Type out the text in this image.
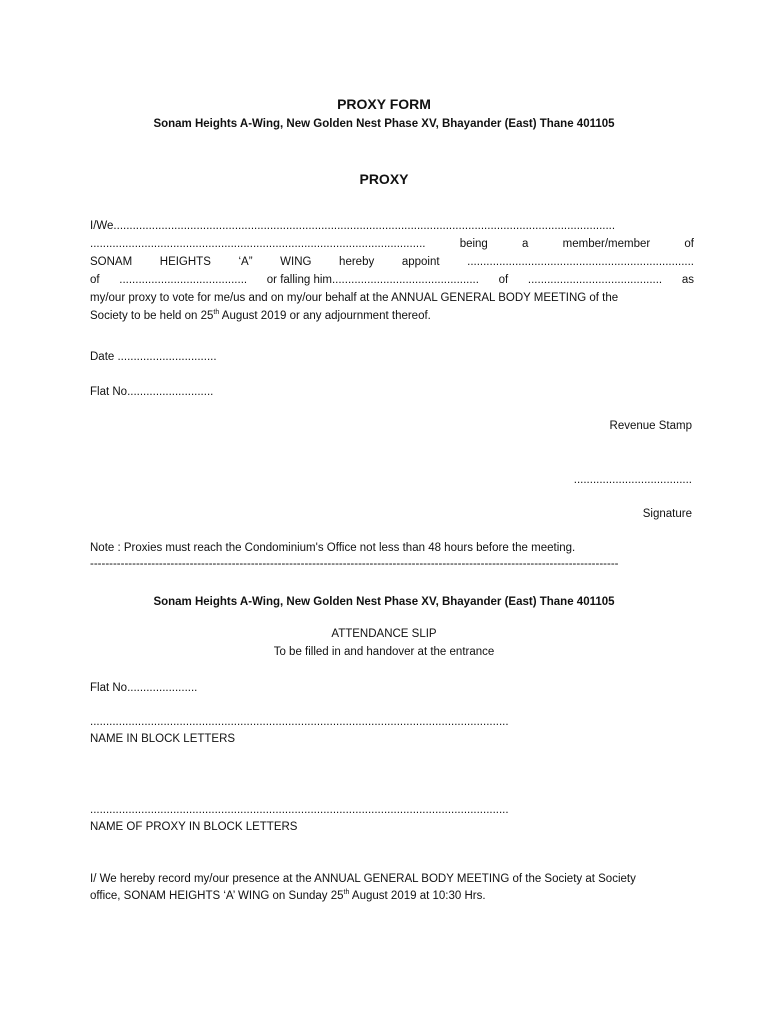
PROXY FORM
Sonam Heights A-Wing, New Golden Nest Phase XV, Bhayander (East) Thane 401105
PROXY
I/We.............................................................................................................................................................
.........................................................................................................	being	a	member/member	of
SONAM HEIGHTS ‘A” WING hereby appoint .......................................................................
of ........................................ or falling him.............................................. of .......................................... as
my/our proxy to vote for me/us and on my/our behalf at the ANNUAL GENERAL BODY MEETING of the
Society to be held on 25th August 2019 or any adjournment thereof.
Date ...............................
Flat No...........................
Revenue Stamp
.....................................
Signature
Note : Proxies must reach the Condominium's Office not less than 48 hours before the meeting.
------------------------------------------------------------------------------------------------------------------------------------------
Sonam Heights A-Wing, New Golden Nest Phase XV, Bhayander (East) Thane 401105
ATTENDANCE SLIP
To be filled in and handover at the entrance
Flat No......................
...................................................................................................................................
NAME IN BLOCK LETTERS
...................................................................................................................................
NAME OF PROXY IN BLOCK LETTERS
I/ We hereby record my/our presence at the ANNUAL GENERAL BODY MEETING of the Society at Society
office, SONAM HEIGHTS ‘A’ WING on Sunday 25th August 2019 at 10:30 Hrs.
